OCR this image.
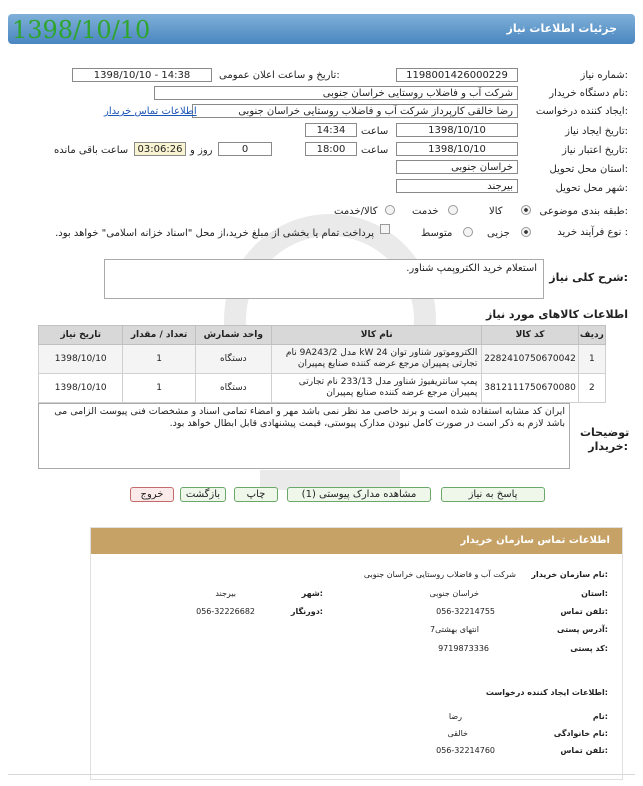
جزئیات اطلاعات نیاز
1398/10/10
شماره نیاز:
1198001426000229
تاریخ و ساعت اعلان عمومی:
1398/10/10 - 14:38
نام دستگاه خریدار:
شرکت آب و فاضلاب روستایی خراسان جنوبی
ایجاد کننده درخواست:
رضا خالقی کارپرداز شرکت آب و فاضلاب روستایی خراسان جنوبی
اطلاعات تماس خریدار
تاریخ ایجاد نیاز:
1398/10/10
ساعت
14:34
تاریخ اعتبار نیاز:
1398/10/10
ساعت
18:00
0
روز و
03:06:26
ساعت باقی مانده
استان محل تحویل:
خراسان جنوبی
شهر محل تحویل:
بیرجند
طبقه بندی موضوعی:
کالا
خدمت
کالا/خدمت
نوع فرآیند خرید :
جزیی
متوسط
پرداخت تمام یا بخشی از مبلغ خرید،از محل "اسناد خزانه اسلامی" خواهد بود.
شرح کلی نیاز:
استعلام خرید الکتروپمپ شناور.
اطلاعات کالاهای مورد نیاز
ردیف	کد کالا	نام کالا	واحد شمارش	تعداد / مقدار	تاریخ نیاز
1	2282410750670042	الکتروموتور شناور توان kW 24 مدل 9A243/2 نام تجارتی پمپیران مرجع عرضه کننده صنایع پمپیران	دستگاه	1	1398/10/10
2	3812111750670080	پمپ سانتریفیوژ شناور مدل 233/13 نام تجارتی پمپیران مرجع عرضه کننده صنایع پمپیران	دستگاه	1	1398/10/10
توضیحات خریدار:
ایران کد مشابه استفاده شده است و برند خاصی مد نظر نمی باشد مهر و امضاء تمامی اسناد و مشخصات فنی پیوست الزامی می باشد لازم به ذکر است در صورت کامل نبودن مدارک پیوستی، قیمت پیشنهادی قابل ابطال خواهد بود.
پاسخ به نیاز
مشاهده مدارک پیوستی (1)
چاپ
بازگشت
خروج
اطلاعات تماس سازمان خریدار
نام سازمان خریدار:
شرکت آب و فاضلاب روستایی خراسان جنوبی
استان:
خراسان جنوبی
شهر:
بیرجند
تلفن تماس:
056-32214755
دورنگار:
056-32226682
آدرس پستی:
انتهای بهشتی7
کد پستی:
9719873336
اطلاعات ایجاد کننده درخواست:
نام:
رضا
نام خانوادگی:
خالقی
تلفن تماس:
056-32214760
